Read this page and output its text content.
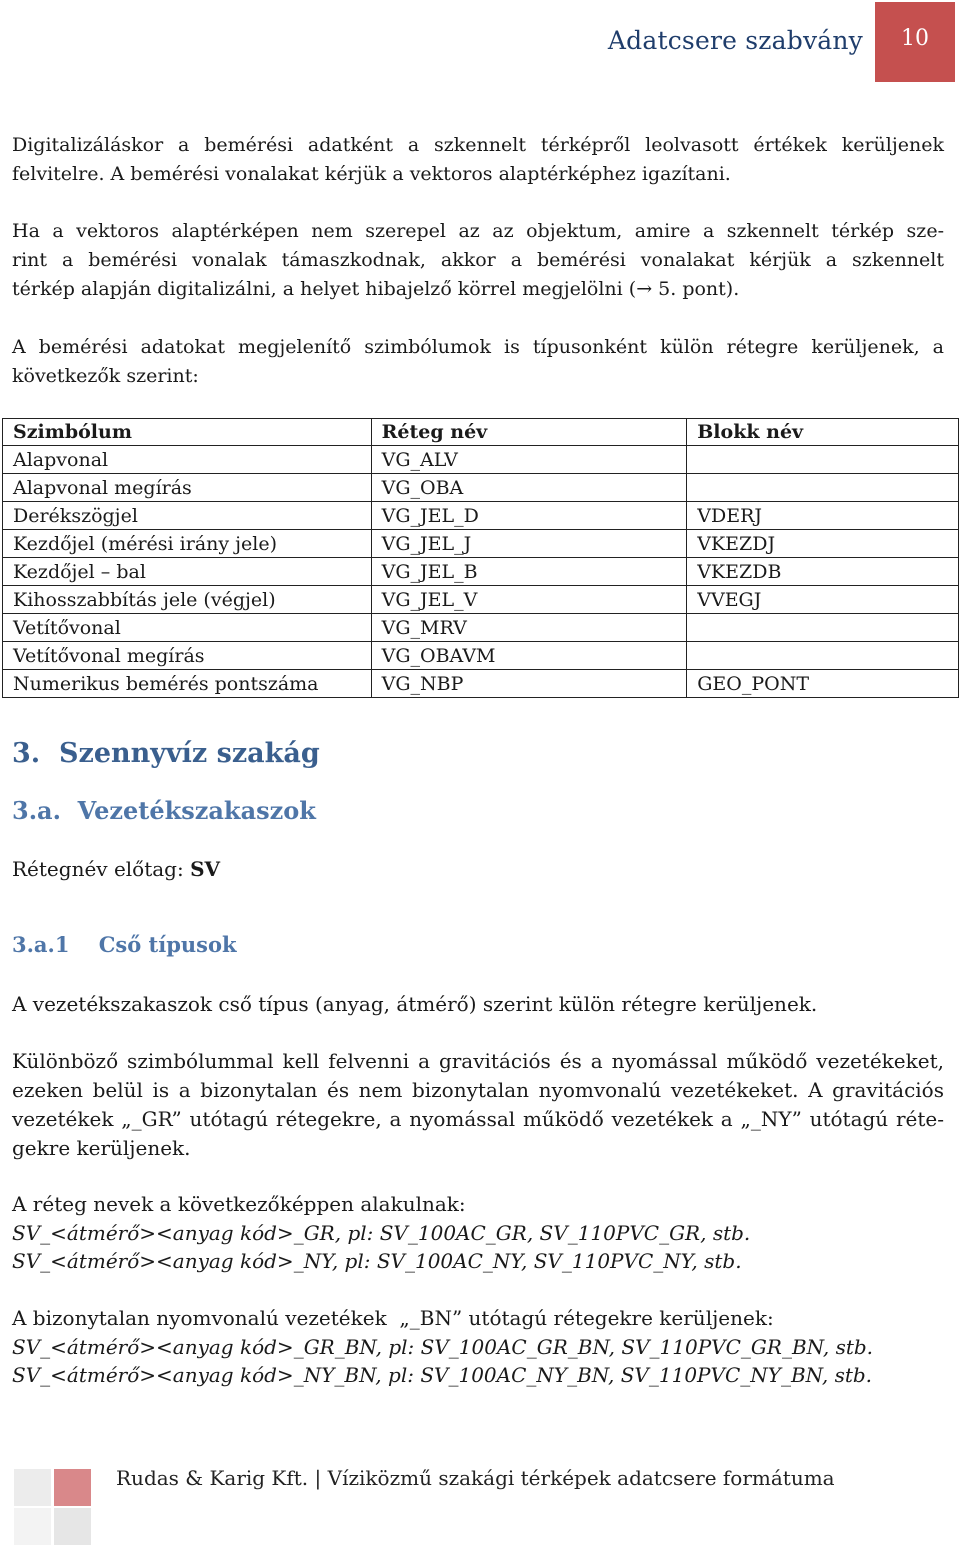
Adatcsere szabvány	10
Digitalizáláskor a bemérési adatként a szkennelt térképről leolvasott értékek kerüljenek
felvitelre. A bemérési vonalakat kérjük a vektoros alaptérképhez igazítani.
Ha a vektoros alaptérképen nem szerepel az az objektum, amire a szkennelt térkép sze-
rint a bemérési vonalak támaszkodnak, akkor a bemérési vonalakat kérjük a szkennelt
térkép alapján digitalizálni, a helyet hibajelző körrel megjelölni (→ 5. pont).
A bemérési adatokat megjelenítő szimbólumok is típusonként külön rétegre kerüljenek, a
következők szerint:
Szimbólum	Réteg név	Blokk név
Alapvonal	VG_ALV	
Alapvonal megírás	VG_OBA	
Derékszögjel	VG_JEL_D	VDERJ
Kezdőjel (mérési irány jele)	VG_JEL_J	VKEZDJ
Kezdőjel – bal	VG_JEL_B	VKEZDB
Kihosszabbítás jele (végjel)	VG_JEL_V	VVEGJ
Vetítővonal	VG_MRV	
Vetítővonal megírás	VG_OBAVM	
Numerikus bemérés pontszáma	VG_NBP	GEO_PONT
3.  Szennyvíz szakág
3.a.  Vezetékszakaszok
Rétegnév előtag: SV
3.a.1    Cső típusok
A vezetékszakaszok cső típus (anyag, átmérő) szerint külön rétegre kerüljenek.
Különböző szimbólummal kell felvenni a gravitációs és a nyomással működő vezetékeket,
ezeken belül is a bizonytalan és nem bizonytalan nyomvonalú vezetékeket. A gravitációs
vezetékek „_GR” utótagú rétegekre, a nyomással működő vezetékek a „_NY” utótagú réte-
gekre kerüljenek.
A réteg nevek a következőképpen alakulnak:
SV_<átmérő><anyag kód>_GR, pl: SV_100AC_GR, SV_110PVC_GR, stb.
SV_<átmérő><anyag kód>_NY, pl: SV_100AC_NY, SV_110PVC_NY, stb.
A bizonytalan nyomvonalú vezetékek  „_BN” utótagú rétegekre kerüljenek:
SV_<átmérő><anyag kód>_GR_BN, pl: SV_100AC_GR_BN, SV_110PVC_GR_BN, stb.
SV_<átmérő><anyag kód>_NY_BN, pl: SV_100AC_NY_BN, SV_110PVC_NY_BN, stb.
Rudas & Karig Kft. | Víziközmű szakági térképek adatcsere formátuma
